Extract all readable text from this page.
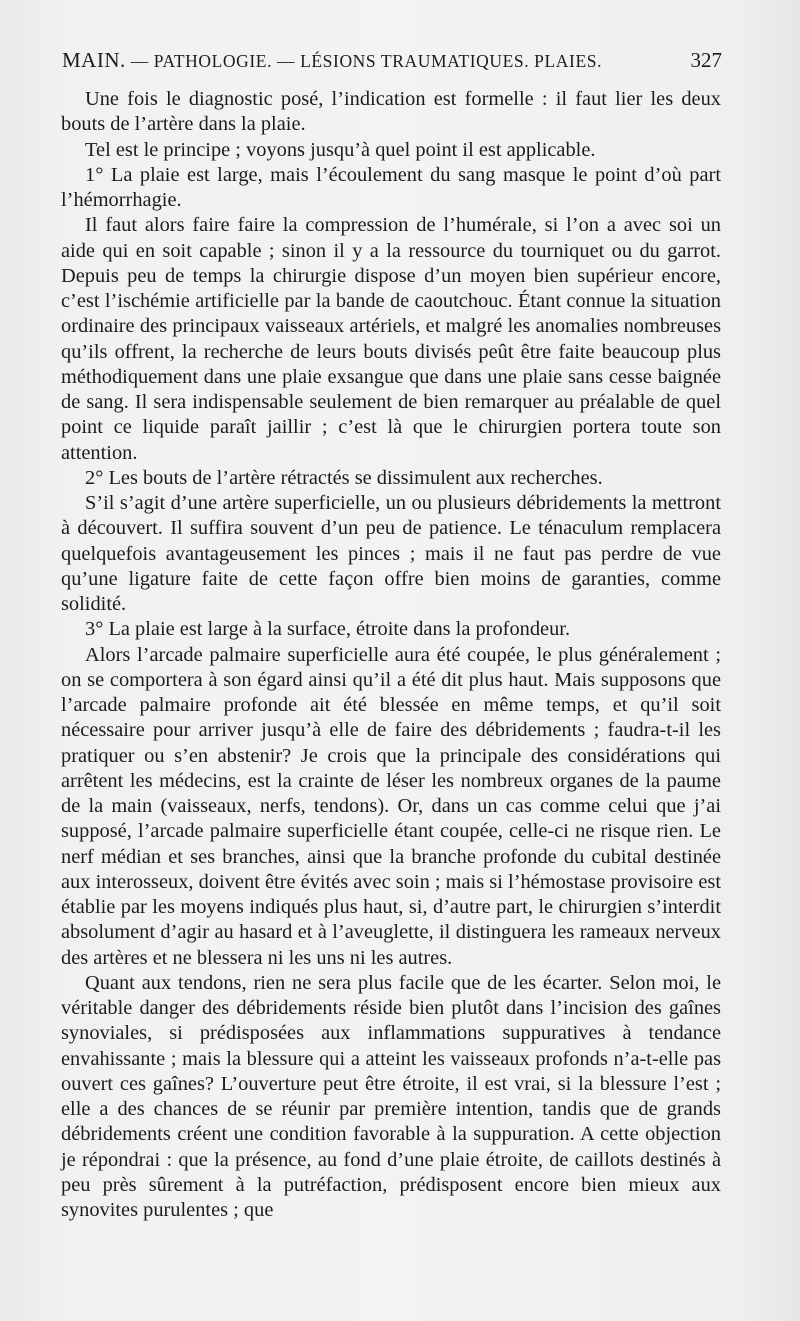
MAIN. — PATHOLOGIE. — LÉSIONS TRAUMATIQUES. PLAIES.	327

Une fois le diagnostic posé, l’indication est formelle : il faut lier les deux bouts de l’artère dans la plaie.

Tel est le principe ; voyons jusqu’à quel point il est applicable.

1° La plaie est large, mais l’écoulement du sang masque le point d’où part l’hémorrhagie.

Il faut alors faire faire la compression de l’humérale, si l’on a avec soi un aide qui en soit capable ; sinon il y a la ressource du tourniquet ou du garrot. Depuis peu de temps la chirurgie dispose d’un moyen bien supérieur encore, c’est l’ischémie artificielle par la bande de caoutchouc. Étant connue la situation ordinaire des principaux vaisseaux artériels, et malgré les anomalies nombreuses qu’ils offrent, la recherche de leurs bouts divisés peût être faite beaucoup plus méthodiquement dans une plaie exsangue que dans une plaie sans cesse baignée de sang. Il sera indispensable seulement de bien remarquer au préalable de quel point ce liquide paraît jaillir ; c’est là que le chirurgien portera toute son attention.

2° Les bouts de l’artère rétractés se dissimulent aux recherches.

S’il s’agit d’une artère superficielle, un ou plusieurs débridements la mettront à découvert. Il suffira souvent d’un peu de patience. Le ténaculum remplacera quelquefois avantageusement les pinces ; mais il ne faut pas perdre de vue qu’une ligature faite de cette façon offre bien moins de garanties, comme solidité.

3° La plaie est large à la surface, étroite dans la profondeur.

Alors l’arcade palmaire superficielle aura été coupée, le plus généralement ; on se comportera à son égard ainsi qu’il a été dit plus haut. Mais supposons que l’arcade palmaire profonde ait été blessée en même temps, et qu’il soit nécessaire pour arriver jusqu’à elle de faire des débridements ; faudra-t-il les pratiquer ou s’en abstenir? Je crois que la principale des considérations qui arrêtent les médecins, est la crainte de léser les nombreux organes de la paume de la main (vaisseaux, nerfs, tendons). Or, dans un cas comme celui que j’ai supposé, l’arcade palmaire superficielle étant coupée, celle-ci ne risque rien. Le nerf médian et ses branches, ainsi que la branche profonde du cubital destinée aux interosseux, doivent être évités avec soin ; mais si l’hémostase provisoire est établie par les moyens indiqués plus haut, si, d’autre part, le chirurgien s’interdit absolument d’agir au hasard et à l’aveuglette, il distinguera les rameaux nerveux des artères et ne blessera ni les uns ni les autres.

Quant aux tendons, rien ne sera plus facile que de les écarter. Selon moi, le véritable danger des débridements réside bien plutôt dans l’incision des gaînes synoviales, si prédisposées aux inflammations suppuratives à tendance envahissante ; mais la blessure qui a atteint les vaisseaux profonds n’a-t-elle pas ouvert ces gaînes? L’ouverture peut être étroite, il est vrai, si la blessure l’est ; elle a des chances de se réunir par première intention, tandis que de grands débridements créent une condition favorable à la suppuration. A cette objection je répondrai : que la présence, au fond d’une plaie étroite, de caillots destinés à peu près sûrement à la putréfaction, prédisposent encore bien mieux aux synovites purulentes ; que
